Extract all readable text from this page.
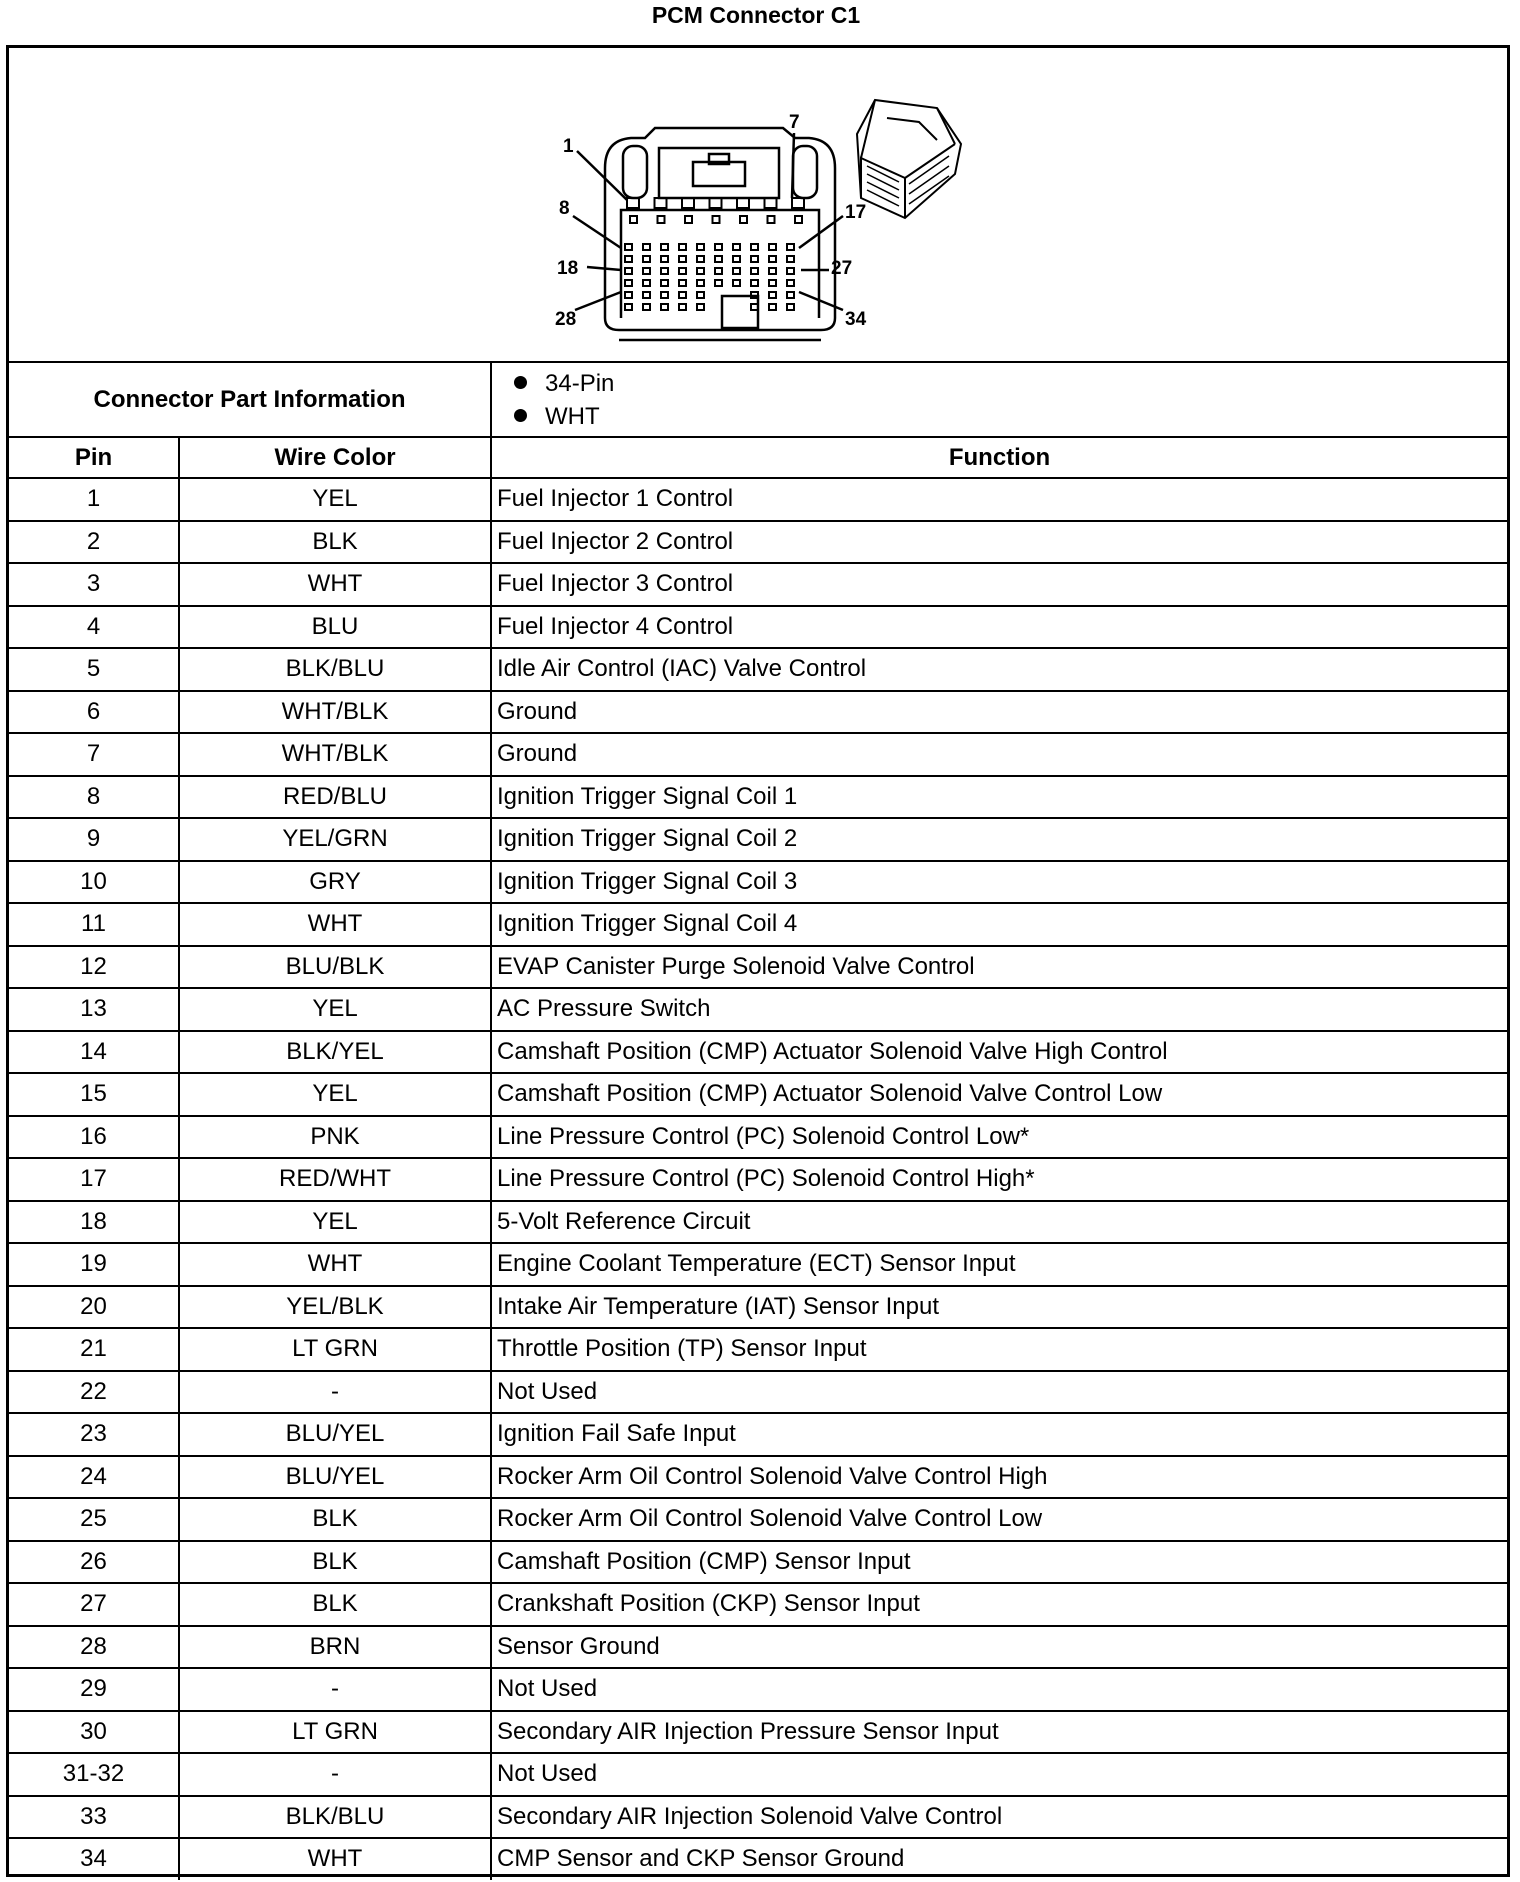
PCM Connector C1
1
7
8	17
18	27
28	34
Connector Part Information		34-Pin
WHT

Pin	Wire Color	Function
1	YEL	Fuel Injector 1 Control
2	BLK	Fuel Injector 2 Control
3	WHT	Fuel Injector 3 Control
4	BLU	Fuel Injector 4 Control
5	BLK/BLU	Idle Air Control (IAC) Valve Control
6	WHT/BLK	Ground
7	WHT/BLK	Ground
8	RED/BLU	Ignition Trigger Signal Coil 1
9	YEL/GRN	Ignition Trigger Signal Coil 2
10	GRY	Ignition Trigger Signal Coil 3
11	WHT	Ignition Trigger Signal Coil 4
12	BLU/BLK	EVAP Canister Purge Solenoid Valve Control
13	YEL	AC Pressure Switch
14	BLK/YEL	Camshaft Position (CMP) Actuator Solenoid Valve High Control
15	YEL	Camshaft Position (CMP) Actuator Solenoid Valve Control Low
16	PNK	Line Pressure Control (PC) Solenoid Control Low*
17	RED/WHT	Line Pressure Control (PC) Solenoid Control High*
18	YEL	5-Volt Reference Circuit
19	WHT	Engine Coolant Temperature (ECT) Sensor Input
20	YEL/BLK	Intake Air Temperature (IAT) Sensor Input
21	LT GRN	Throttle Position (TP) Sensor Input
22	-	Not Used
23	BLU/YEL	Ignition Fail Safe Input
24	BLU/YEL	Rocker Arm Oil Control Solenoid Valve Control High
25	BLK	Rocker Arm Oil Control Solenoid Valve Control Low
26	BLK	Camshaft Position (CMP) Sensor Input
27	BLK	Crankshaft Position (CKP) Sensor Input
28	BRN	Sensor Ground
29	-	Not Used
30	LT GRN	Secondary AIR Injection Pressure Sensor Input
31-32	-	Not Used
33	BLK/BLU	Secondary AIR Injection Solenoid Valve Control
34	WHT	CMP Sensor and CKP Sensor Ground
